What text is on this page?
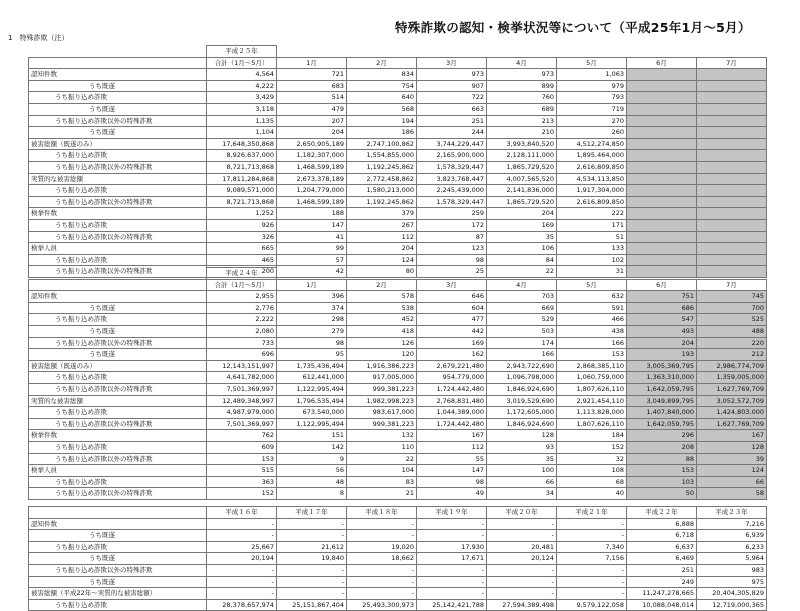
特殊詐欺の認知・検挙状況等について（平成25年1月〜5月）
1　特殊詐欺（注）
	平成２５年							
	合計（1月〜5月）	1月	2月	3月	4月	5月	6月	7月
認知件数	4,564	721	834	973	973	1,063		
うち既遂	4,222	683	754	907	899	979		
うち振り込め詐欺	3,429	514	640	722	760	793		
うち既遂	3,118	479	568	663	689	719		
うち振り込め詐欺以外の特殊詐欺	1,135	207	194	251	213	270		
うち既遂	1,104	204	186	244	210	260		
被害総額（既遂のみ）	17,648,350,868	2,650,905,189	2,747,100,862	3,744,229,447	3,993,840,520	4,512,274,850		
うち振り込め詐欺	8,926,637,000	1,182,307,000	1,554,855,000	2,165,900,000	2,128,111,000	1,895,464,000		
うち振り込め詐欺以外の特殊詐欺	8,721,713,868	1,468,599,189	1,192,245,862	1,578,329,447	1,865,729,520	2,616,809,850		
実質的な被害総額	17,811,284,868	2,673,378,189	2,772,458,862	3,823,768,447	4,007,565,520	4,534,113,850		
うち振り込め詐欺	9,089,571,000	1,204,779,000	1,580,213,000	2,245,439,000	2,141,836,000	1,917,304,000		
うち振り込め詐欺以外の特殊詐欺	8,721,713,868	1,468,599,189	1,192,245,862	1,578,329,447	1,865,729,520	2,616,809,850		
検挙件数	1,252	188	379	259	204	222		
うち振り込め詐欺	926	147	267	172	169	171		
うち振り込め詐欺以外の特殊詐欺	326	41	112	87	35	51		
検挙人員	665	99	204	123	106	133		
うち振り込め詐欺	465	57	124	98	84	102		
うち振り込め詐欺以外の特殊詐欺	200	42	80	25	22	31		
	平成２４年							
	合計（1月〜5月）	1月	2月	3月	4月	5月	6月	7月
認知件数	2,955	396	578	646	703	632	751	745
うち既遂	2,776	374	538	604	669	591	686	700
うち振り込め詐欺	2,222	298	452	477	529	466	547	525
うち既遂	2,080	279	418	442	503	438	493	488
うち振り込め詐欺以外の特殊詐欺	733	98	126	169	174	166	204	220
うち既遂	696	95	120	162	166	153	193	212
被害総額（既遂のみ）	12,143,151,997	1,735,436,494	1,916,386,223	2,679,221,480	2,943,722,690	2,868,385,110	3,005,369,795	2,986,774,709
うち振り込め詐欺	4,641,782,000	612,441,000	917,005,000	954,779,000	1,096,798,000	1,060,759,000	1,363,310,000	1,359,005,000
うち振り込め詐欺以外の特殊詐欺	7,501,369,997	1,122,995,494	999,381,223	1,724,442,480	1,846,924,690	1,807,626,110	1,642,059,795	1,627,769,709
実質的な被害総額	12,489,348,997	1,796,535,494	1,982,998,223	2,768,831,480	3,019,529,690	2,921,454,110	3,049,899,795	3,052,572,709
うち振り込め詐欺	4,987,979,000	673,540,000	983,617,000	1,044,389,000	1,172,605,000	1,113,828,000	1,407,840,000	1,424,803,000
うち振り込め詐欺以外の特殊詐欺	7,501,369,997	1,122,995,494	999,381,223	1,724,442,480	1,846,924,690	1,807,626,110	1,642,059,795	1,627,769,709
検挙件数	762	151	132	167	128	184	296	167
うち振り込め詐欺	609	142	110	112	93	152	208	128
うち振り込め詐欺以外の特殊詐欺	153	9	22	55	35	32	88	39
検挙人員	515	56	104	147	100	108	153	124
うち振り込め詐欺	363	48	83	98	66	68	103	66
うち振り込め詐欺以外の特殊詐欺	152	8	21	49	34	40	50	58
	平成１６年	平成１７年	平成１８年	平成１９年	平成２０年	平成２１年	平成２２年	平成２３年
認知件数	-	-	-	-	-	-	6,888	7,216
うち既遂	-	-	-	-	-	-	6,718	6,939
うち振り込め詐欺	25,667	21,612	19,020	17,930	20,481	7,340	6,637	6,233
うち既遂	20,194	19,840	18,662	17,671	20,124	7,156	6,469	5,964
うち振り込め詐欺以外の特殊詐欺	-	-	-	-	-	-	251	983
うち既遂	-	-	-	-	-	-	249	975
被害総額（平成22年〜実質的な被害総額）	-	-	-	-	-	-	11,247,278,665	20,404,305,829
うち振り込め詐欺	28,378,657,974	25,151,867,404	25,493,300,973	25,142,421,788	27,594,389,498	9,579,122,058	10,088,048,014	12,719,000,365
